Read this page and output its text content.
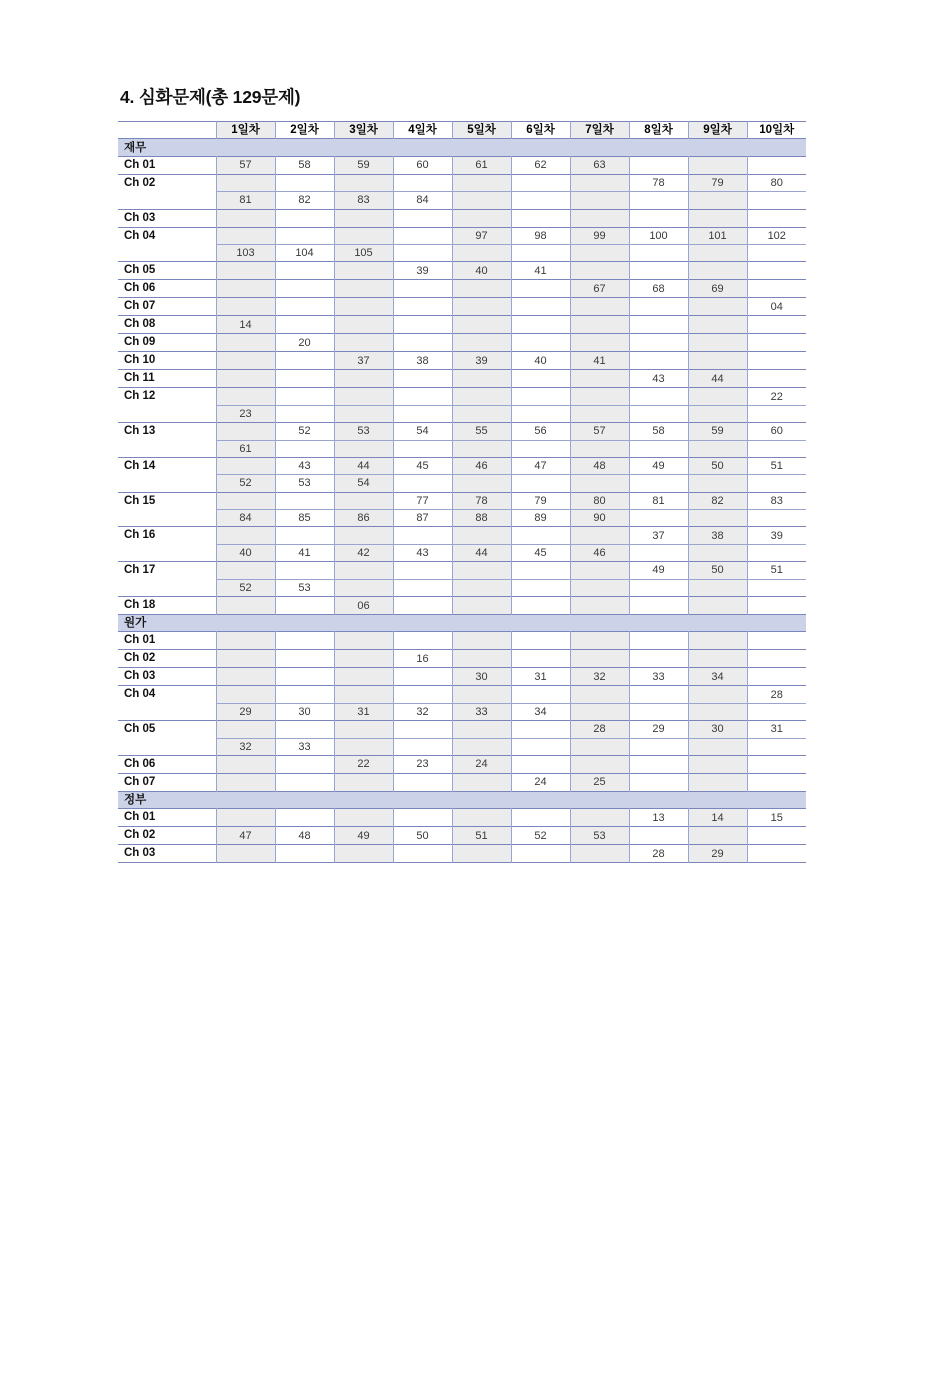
4. 심화문제(총 129문제)
	1일차	2일차	3일차	4일차	5일차	6일차	7일차	8일차	9일차	10일차
재무										
Ch 01	57	58	59	60	61	62	63			
Ch 02								78	79	80
	81	82	83	84						
Ch 03										
Ch 04					97	98	99	100	101	102
	103	104	105							
Ch 05				39	40	41				
Ch 06							67	68	69	
Ch 07										04
Ch 08	14									
Ch 09		20								
Ch 10			37	38	39	40	41			
Ch 11								43	44	
Ch 12										22
	23									
Ch 13		52	53	54	55	56	57	58	59	60
	61									
Ch 14		43	44	45	46	47	48	49	50	51
	52	53	54							
Ch 15				77	78	79	80	81	82	83
	84	85	86	87	88	89	90			
Ch 16								37	38	39
	40	41	42	43	44	45	46			
Ch 17								49	50	51
	52	53								
Ch 18			06							
원가										
Ch 01										
Ch 02				16						
Ch 03					30	31	32	33	34	
Ch 04										28
	29	30	31	32	33	34				
Ch 05							28	29	30	31
	32	33								
Ch 06			22	23	24					
Ch 07						24	25			
정부										
Ch 01								13	14	15
Ch 02	47	48	49	50	51	52	53			
Ch 03								28	29	
